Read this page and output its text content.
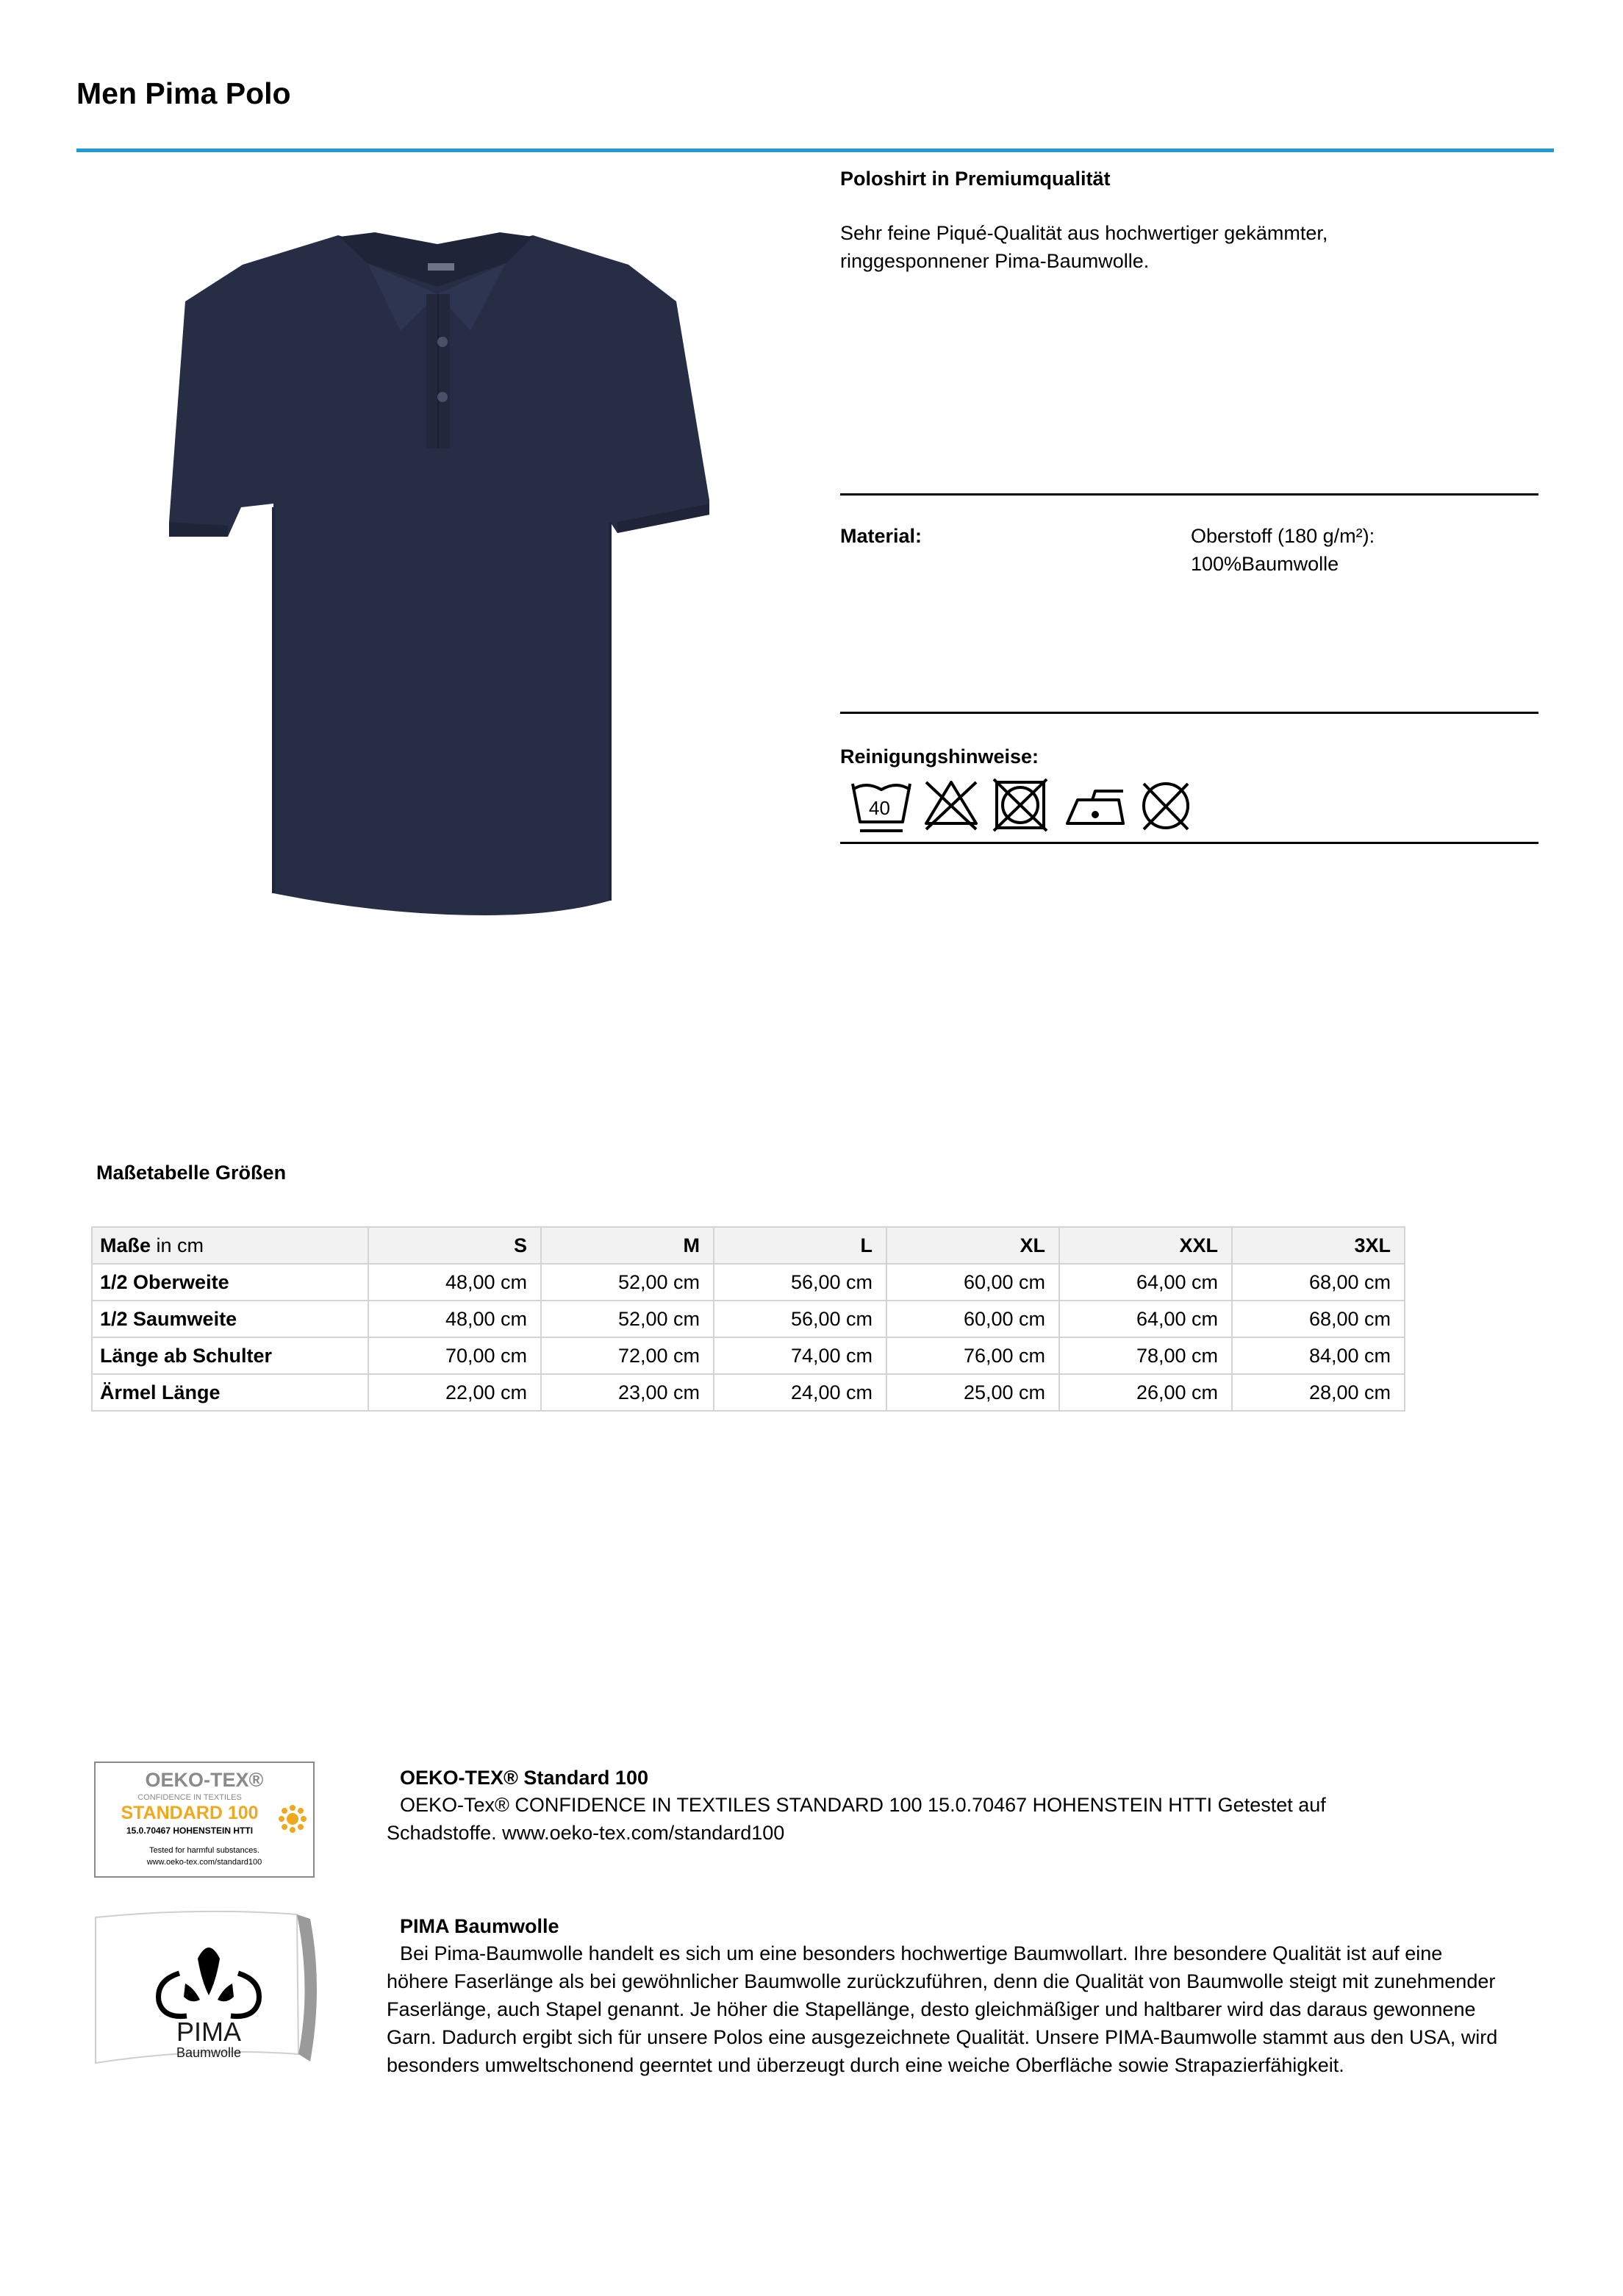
Men Pima Polo
Poloshirt in Premiumqualität
Sehr feine Piqué-Qualität aus hochwertiger gekämmter, ringgesponnener Pima-Baumwolle.
Material:	Oberstoff (180 g/m²):
100%Baumwolle
Reinigungshinweise:
40
Maßetabelle Größen
Maße in cm	S	M	L	XL	XXL	3XL
1/2 Oberweite	48,00 cm	52,00 cm	56,00 cm	60,00 cm	64,00 cm	68,00 cm
1/2 Saumweite	48,00 cm	52,00 cm	56,00 cm	60,00 cm	64,00 cm	68,00 cm
Länge ab Schulter	70,00 cm	72,00 cm	74,00 cm	76,00 cm	78,00 cm	84,00 cm
Ärmel Länge	22,00 cm	23,00 cm	24,00 cm	25,00 cm	26,00 cm	28,00 cm
OEKO-TEX®
CONFIDENCE IN TEXTILES
STANDARD 100
15.0.70467 HOHENSTEIN HTTI
Tested for harmful substances.
www.oeko-tex.com/standard100
OEKO-TEX® Standard 100
OEKO-Tex® CONFIDENCE IN TEXTILES STANDARD 100 15.0.70467 HOHENSTEIN HTTI Getestet auf Schadstoffe. www.oeko-tex.com/standard100
PIMA
Baumwolle
PIMA Baumwolle
Bei Pima-Baumwolle handelt es sich um eine besonders hochwertige Baumwollart. Ihre besondere Qualität ist auf eine höhere Faserlänge als bei gewöhnlicher Baumwolle zurückzuführen, denn die Qualität von Baumwolle steigt mit zunehmender Faserlänge, auch Stapel genannt. Je höher die Stapellänge, desto gleichmäßiger und haltbarer wird das daraus gewonnene Garn. Dadurch ergibt sich für unsere Polos eine ausgezeichnete Qualität. Unsere PIMA-Baumwolle stammt aus den USA, wird besonders umweltschonend geerntet und überzeugt durch eine weiche Oberfläche sowie Strapazierfähigkeit.
